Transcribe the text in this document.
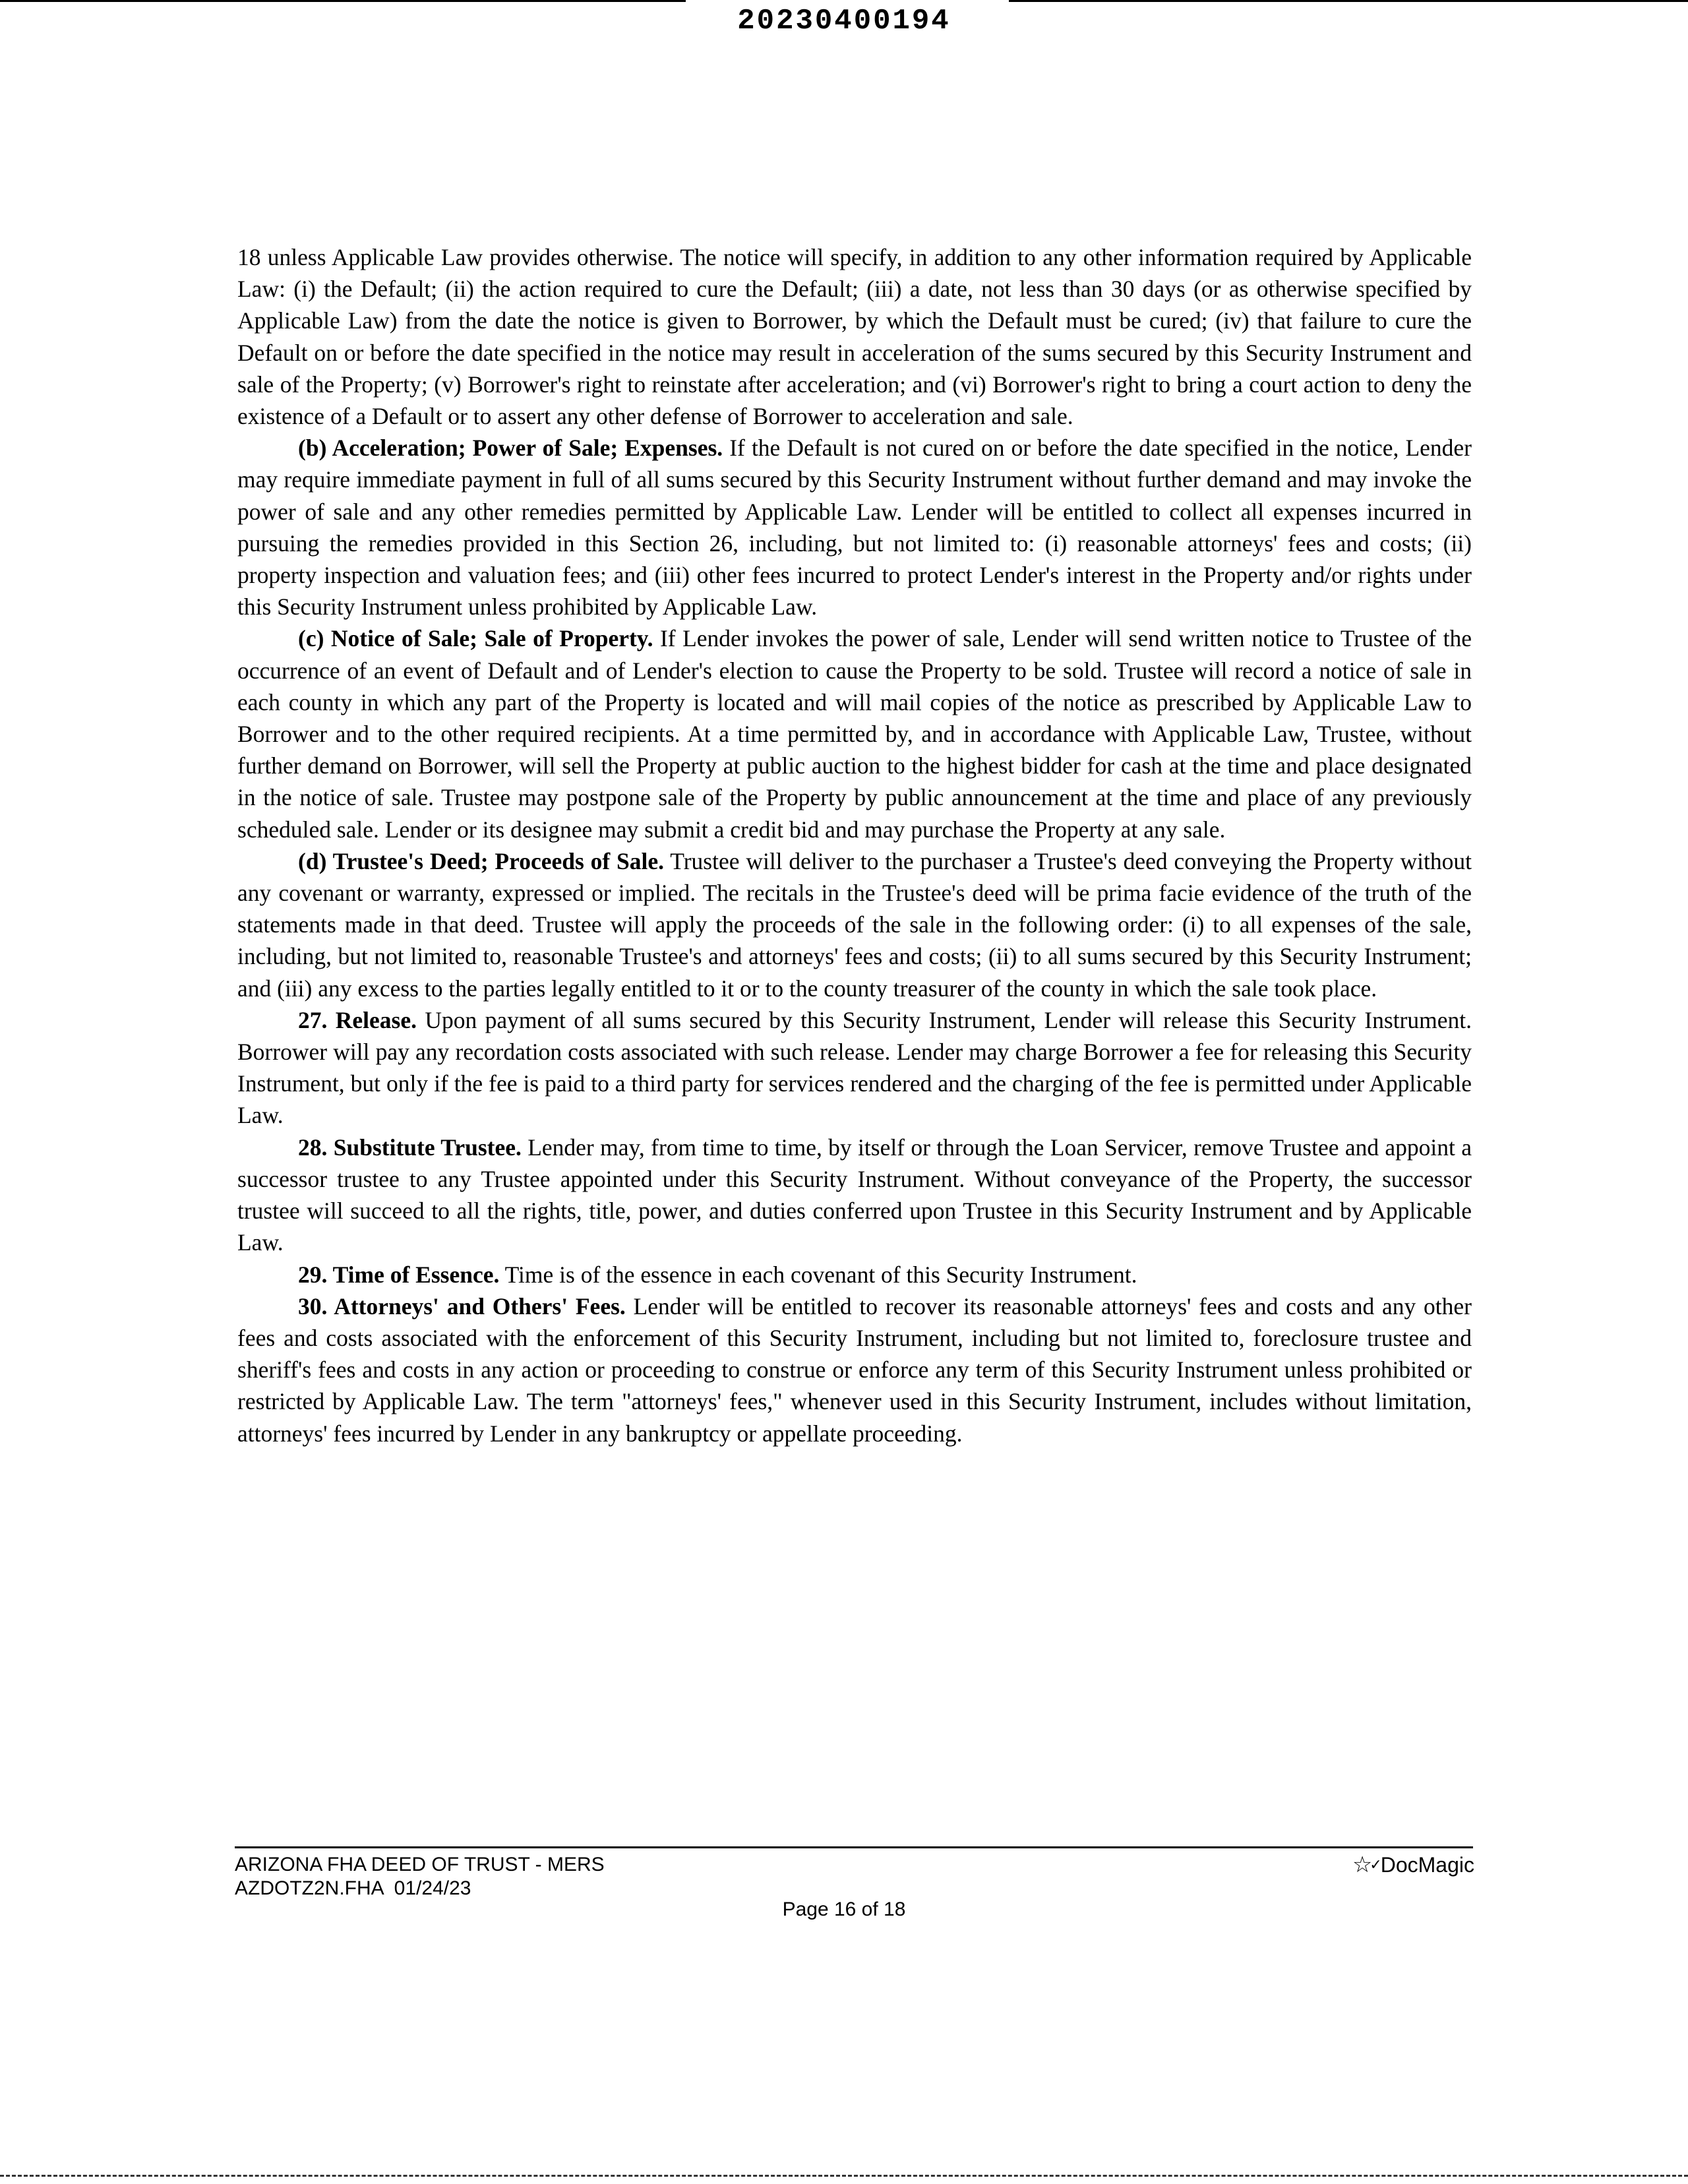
20230400194

18 unless Applicable Law provides otherwise. The notice will specify, in addition to any other information required by Applicable Law: (i) the Default; (ii) the action required to cure the Default; (iii) a date, not less than 30 days (or as otherwise specified by Applicable Law) from the date the notice is given to Borrower, by which the Default must be cured; (iv) that failure to cure the Default on or before the date specified in the notice may result in acceleration of the sums secured by this Security Instrument and sale of the Property; (v) Borrower's right to reinstate after acceleration; and (vi) Borrower's right to bring a court action to deny the existence of a Default or to assert any other defense of Borrower to acceleration and sale.

(b) Acceleration; Power of Sale; Expenses. If the Default is not cured on or before the date specified in the notice, Lender may require immediate payment in full of all sums secured by this Security Instrument without further demand and may invoke the power of sale and any other remedies permitted by Applicable Law. Lender will be entitled to collect all expenses incurred in pursuing the remedies provided in this Section 26, including, but not limited to: (i) reasonable attorneys' fees and costs; (ii) property inspection and valuation fees; and (iii) other fees incurred to protect Lender's interest in the Property and/or rights under this Security Instrument unless prohibited by Applicable Law.

(c) Notice of Sale; Sale of Property. If Lender invokes the power of sale, Lender will send written notice to Trustee of the occurrence of an event of Default and of Lender's election to cause the Property to be sold. Trustee will record a notice of sale in each county in which any part of the Property is located and will mail copies of the notice as prescribed by Applicable Law to Borrower and to the other required recipients. At a time permitted by, and in accordance with Applicable Law, Trustee, without further demand on Borrower, will sell the Property at public auction to the highest bidder for cash at the time and place designated in the notice of sale. Trustee may postpone sale of the Property by public announcement at the time and place of any previously scheduled sale. Lender or its designee may submit a credit bid and may purchase the Property at any sale.

(d) Trustee's Deed; Proceeds of Sale. Trustee will deliver to the purchaser a Trustee's deed conveying the Property without any covenant or warranty, expressed or implied. The recitals in the Trustee's deed will be prima facie evidence of the truth of the statements made in that deed. Trustee will apply the proceeds of the sale in the following order: (i) to all expenses of the sale, including, but not limited to, reasonable Trustee's and attorneys' fees and costs; (ii) to all sums secured by this Security Instrument; and (iii) any excess to the parties legally entitled to it or to the county treasurer of the county in which the sale took place.

27. Release. Upon payment of all sums secured by this Security Instrument, Lender will release this Security Instrument. Borrower will pay any recordation costs associated with such release. Lender may charge Borrower a fee for releasing this Security Instrument, but only if the fee is paid to a third party for services rendered and the charging of the fee is permitted under Applicable Law.

28. Substitute Trustee. Lender may, from time to time, by itself or through the Loan Servicer, remove Trustee and appoint a successor trustee to any Trustee appointed under this Security Instrument. Without conveyance of the Property, the successor trustee will succeed to all the rights, title, power, and duties conferred upon Trustee in this Security Instrument and by Applicable Law.

29. Time of Essence. Time is of the essence in each covenant of this Security Instrument.

30. Attorneys' and Others' Fees. Lender will be entitled to recover its reasonable attorneys' fees and costs and any other fees and costs associated with the enforcement of this Security Instrument, including but not limited to, foreclosure trustee and sheriff's fees and costs in any action or proceeding to construe or enforce any term of this Security Instrument unless prohibited or restricted by Applicable Law. The term "attorneys' fees," whenever used in this Security Instrument, includes without limitation, attorneys' fees incurred by Lender in any bankruptcy or appellate proceeding.

ARIZONA FHA DEED OF TRUST - MERS
AZDOTZ2N.FHA  01/24/23
☆✓ DocMagic
Page 16 of 18
